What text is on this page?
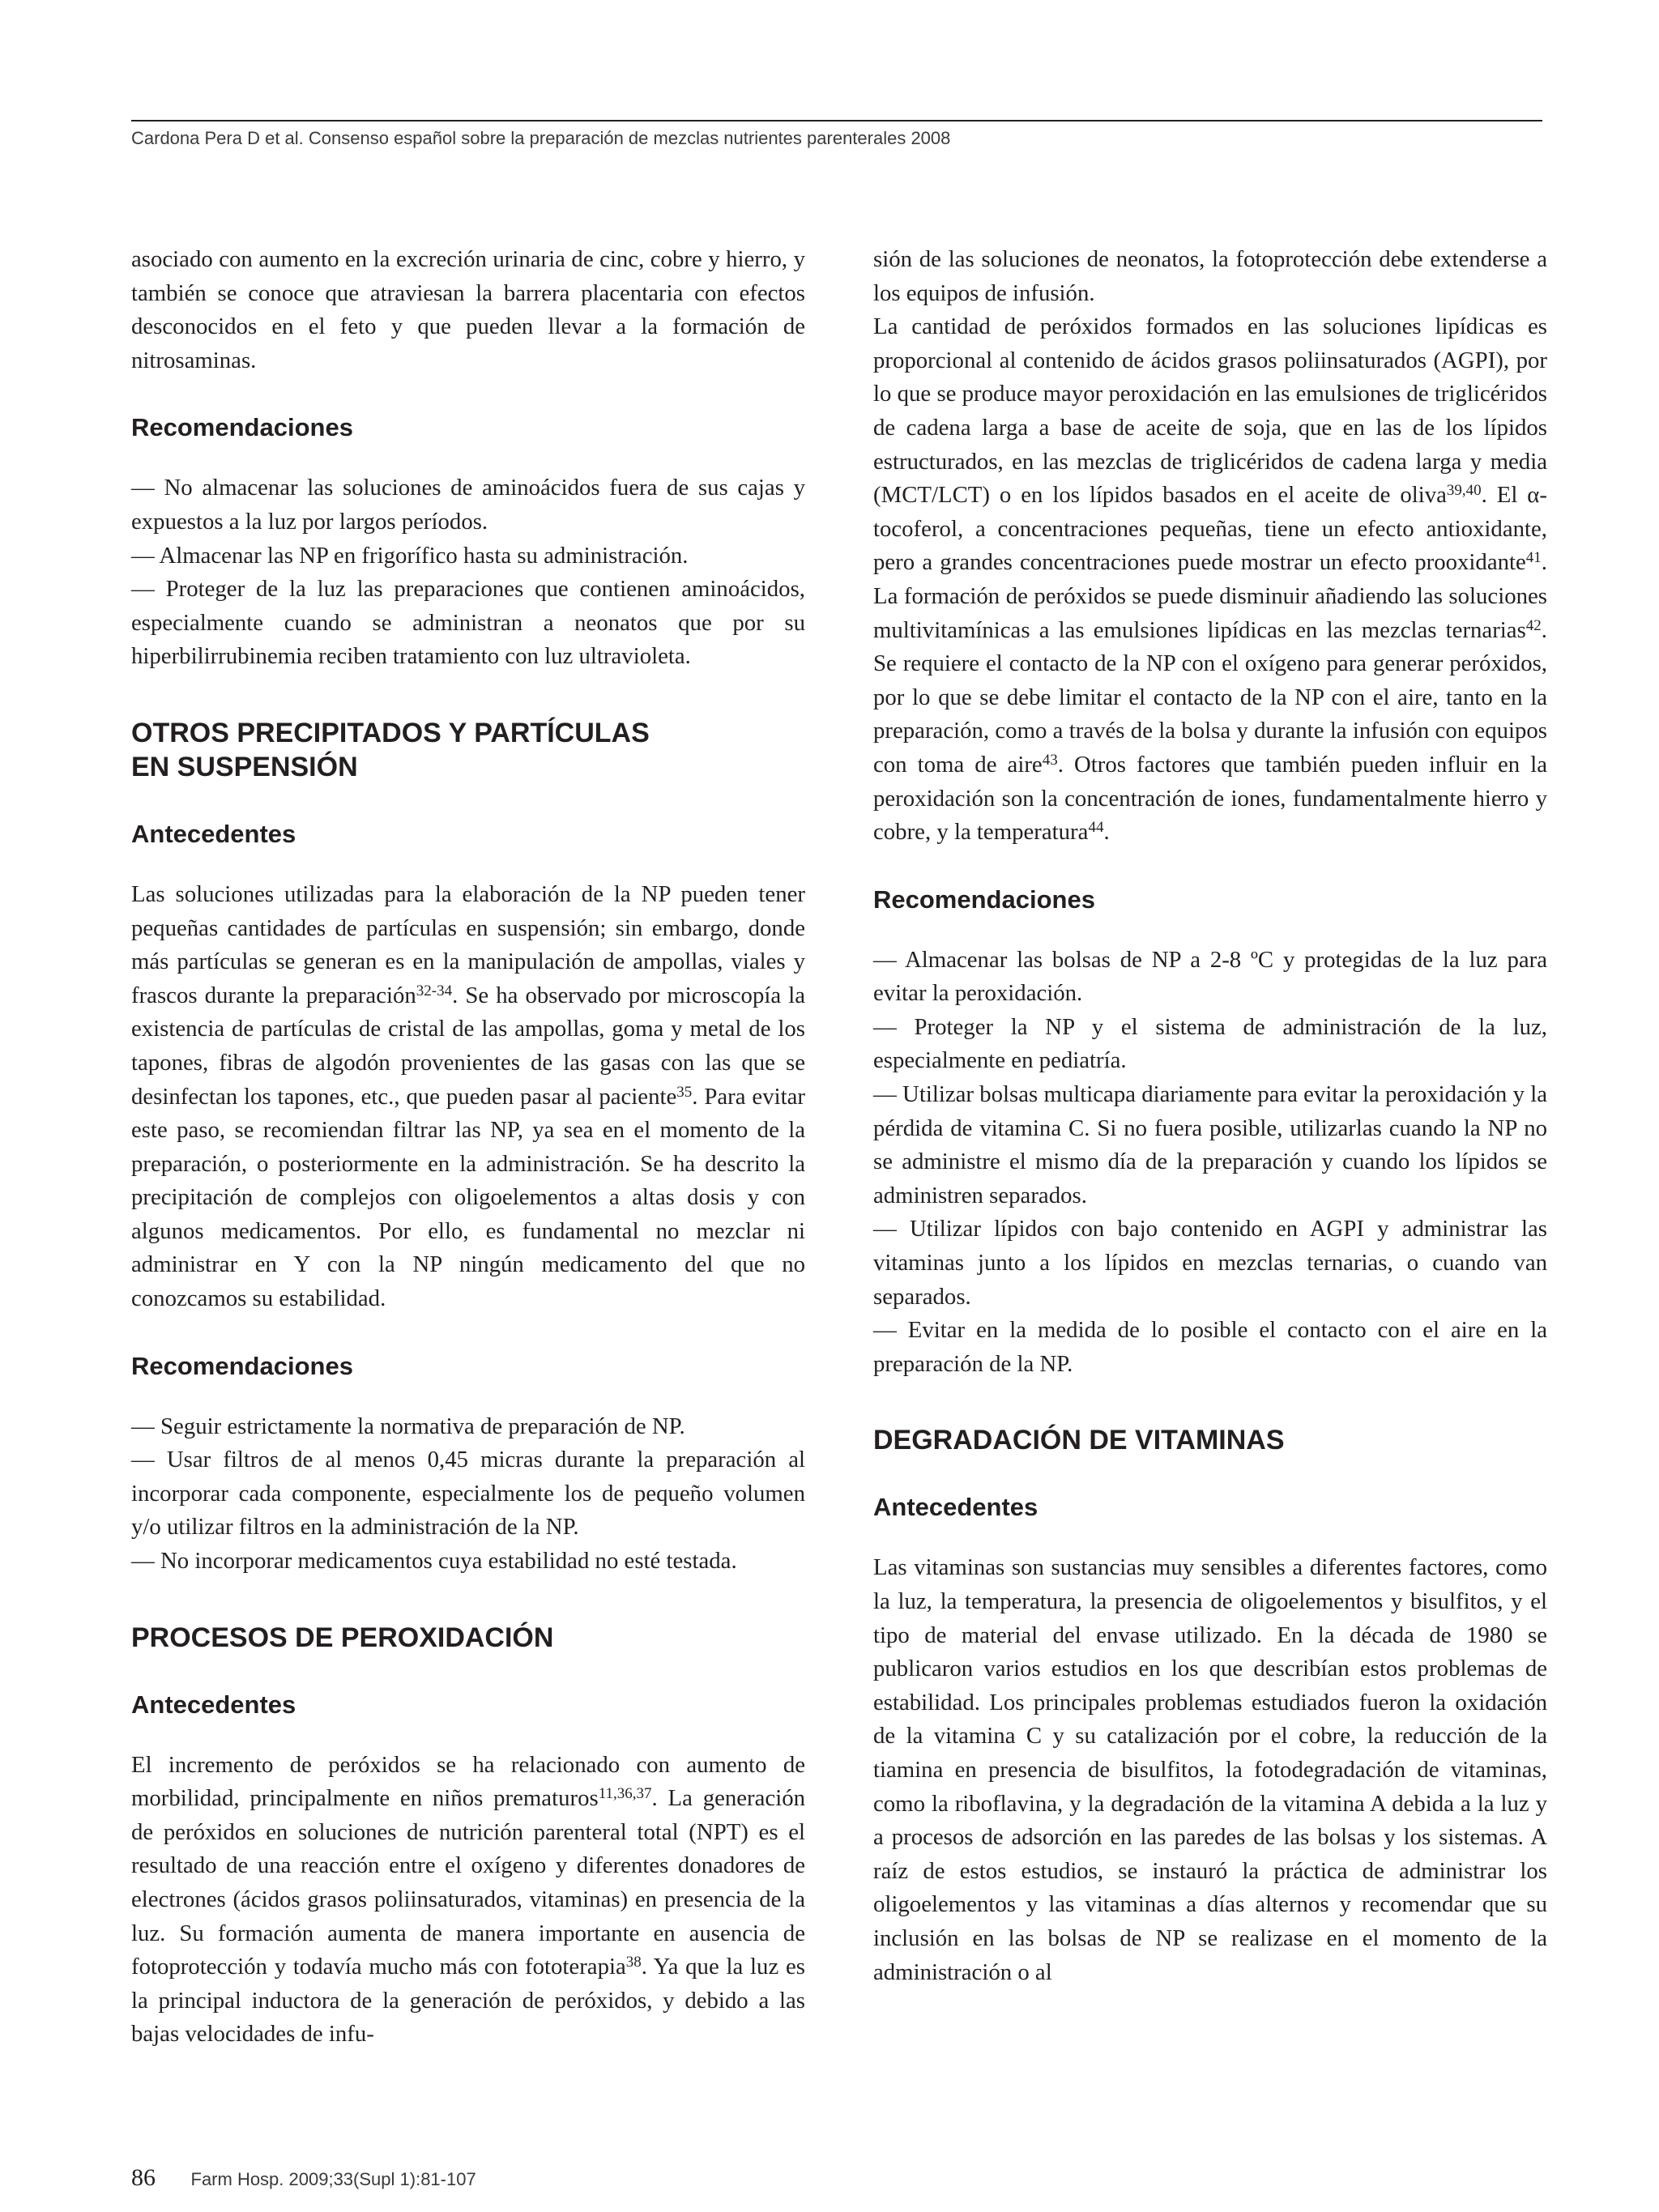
Cardona Pera D et al. Consenso español sobre la preparación de mezclas nutrientes parenterales 2008

asociado con aumento en la excreción urinaria de cinc, cobre y hierro, y también se conoce que atraviesan la barrera placentaria con efectos desconocidos en el feto y que pueden llevar a la formación de nitrosaminas.

Recomendaciones

— No almacenar las soluciones de aminoácidos fuera de sus cajas y expuestos a la luz por largos períodos.

— Almacenar las NP en frigorífico hasta su administración.

— Proteger de la luz las preparaciones que contienen aminoácidos, especialmente cuando se administran a neonatos que por su hiperbilirrubinemia reciben tratamiento con luz ultravioleta.

OTROS PRECIPITADOS Y PARTÍCULAS
EN SUSPENSIÓN
Antecedentes

Las soluciones utilizadas para la elaboración de la NP pueden tener pequeñas cantidades de partículas en suspensión; sin embargo, donde más partículas se generan es en la manipulación de ampollas, viales y frascos durante la preparación$^{32-34}$. Se ha observado por microscopía la existencia de partículas de cristal de las ampollas, goma y metal de los tapones, fibras de algodón provenientes de las gasas con las que se desinfectan los tapones, etc., que pueden pasar al paciente$^{35}$. Para evitar este paso, se recomiendan filtrar las NP, ya sea en el momento de la preparación, o posteriormente en la administración. Se ha descrito la precipitación de complejos con oligoelementos a altas dosis y con algunos medicamentos. Por ello, es fundamental no mezclar ni administrar en Y con la NP ningún medicamento del que no conozcamos su estabilidad.

Recomendaciones

— Seguir estrictamente la normativa de preparación de NP.

— Usar filtros de al menos 0,45 micras durante la preparación al incorporar cada componente, especialmente los de pequeño volumen y/o utilizar filtros en la administración de la NP.

— No incorporar medicamentos cuya estabilidad no esté testada.

PROCESOS DE PEROXIDACIÓN
Antecedentes

El incremento de peróxidos se ha relacionado con aumento de morbilidad, principalmente en niños prematuros$^{11,36,37}$. La generación de peróxidos en soluciones de nutrición parenteral total (NPT) es el resultado de una reacción entre el oxígeno y diferentes donadores de electrones (ácidos grasos poliinsaturados, vitaminas) en presencia de la luz. Su formación aumenta de manera importante en ausencia de fotoprotección y todavía mucho más con fototerapia$^{38}$. Ya que la luz es la principal inductora de la generación de peróxidos, y debido a las bajas velocidades de infu-

sión de las soluciones de neonatos, la fotoprotección debe extenderse a los equipos de infusión.

La cantidad de peróxidos formados en las soluciones lipídicas es proporcional al contenido de ácidos grasos poliinsaturados (AGPI), por lo que se produce mayor peroxidación en las emulsiones de triglicéridos de cadena larga a base de aceite de soja, que en las de los lípidos estructurados, en las mezclas de triglicéridos de cadena larga y media (MCT/LCT) o en los lípidos basados en el aceite de oliva$^{39,40}$. El α-tocoferol, a concentraciones pequeñas, tiene un efecto antioxidante, pero a grandes concentraciones puede mostrar un efecto prooxidante$^{41}$. La formación de peróxidos se puede disminuir añadiendo las soluciones multivitamínicas a las emulsiones lipídicas en las mezclas ternarias$^{42}$. Se requiere el contacto de la NP con el oxígeno para generar peróxidos, por lo que se debe limitar el contacto de la NP con el aire, tanto en la preparación, como a través de la bolsa y durante la infusión con equipos con toma de aire$^{43}$. Otros factores que también pueden influir en la peroxidación son la concentración de iones, fundamentalmente hierro y cobre, y la temperatura$^{44}$.

Recomendaciones

— Almacenar las bolsas de NP a 2-8 ºC y protegidas de la luz para evitar la peroxidación.

— Proteger la NP y el sistema de administración de la luz, especialmente en pediatría.

— Utilizar bolsas multicapa diariamente para evitar la peroxidación y la pérdida de vitamina C. Si no fuera posible, utilizarlas cuando la NP no se administre el mismo día de la preparación y cuando los lípidos se administren separados.

— Utilizar lípidos con bajo contenido en AGPI y administrar las vitaminas junto a los lípidos en mezclas ternarias, o cuando van separados.

— Evitar en la medida de lo posible el contacto con el aire en la preparación de la NP.

DEGRADACIÓN DE VITAMINAS
Antecedentes

Las vitaminas son sustancias muy sensibles a diferentes factores, como la luz, la temperatura, la presencia de oligoelementos y bisulfitos, y el tipo de material del envase utilizado. En la década de 1980 se publicaron varios estudios en los que describían estos problemas de estabilidad. Los principales problemas estudiados fueron la oxidación de la vitamina C y su catalización por el cobre, la reducción de la tiamina en presencia de bisulfitos, la fotodegradación de vitaminas, como la riboflavina, y la degradación de la vitamina A debida a la luz y a procesos de adsorción en las paredes de las bolsas y los sistemas. A raíz de estos estudios, se instauró la práctica de administrar los oligoelementos y las vitaminas a días alternos y recomendar que su inclusión en las bolsas de NP se realizase en el momento de la administración o al

86 Farm Hosp. 2009;33(Supl 1):81-107
